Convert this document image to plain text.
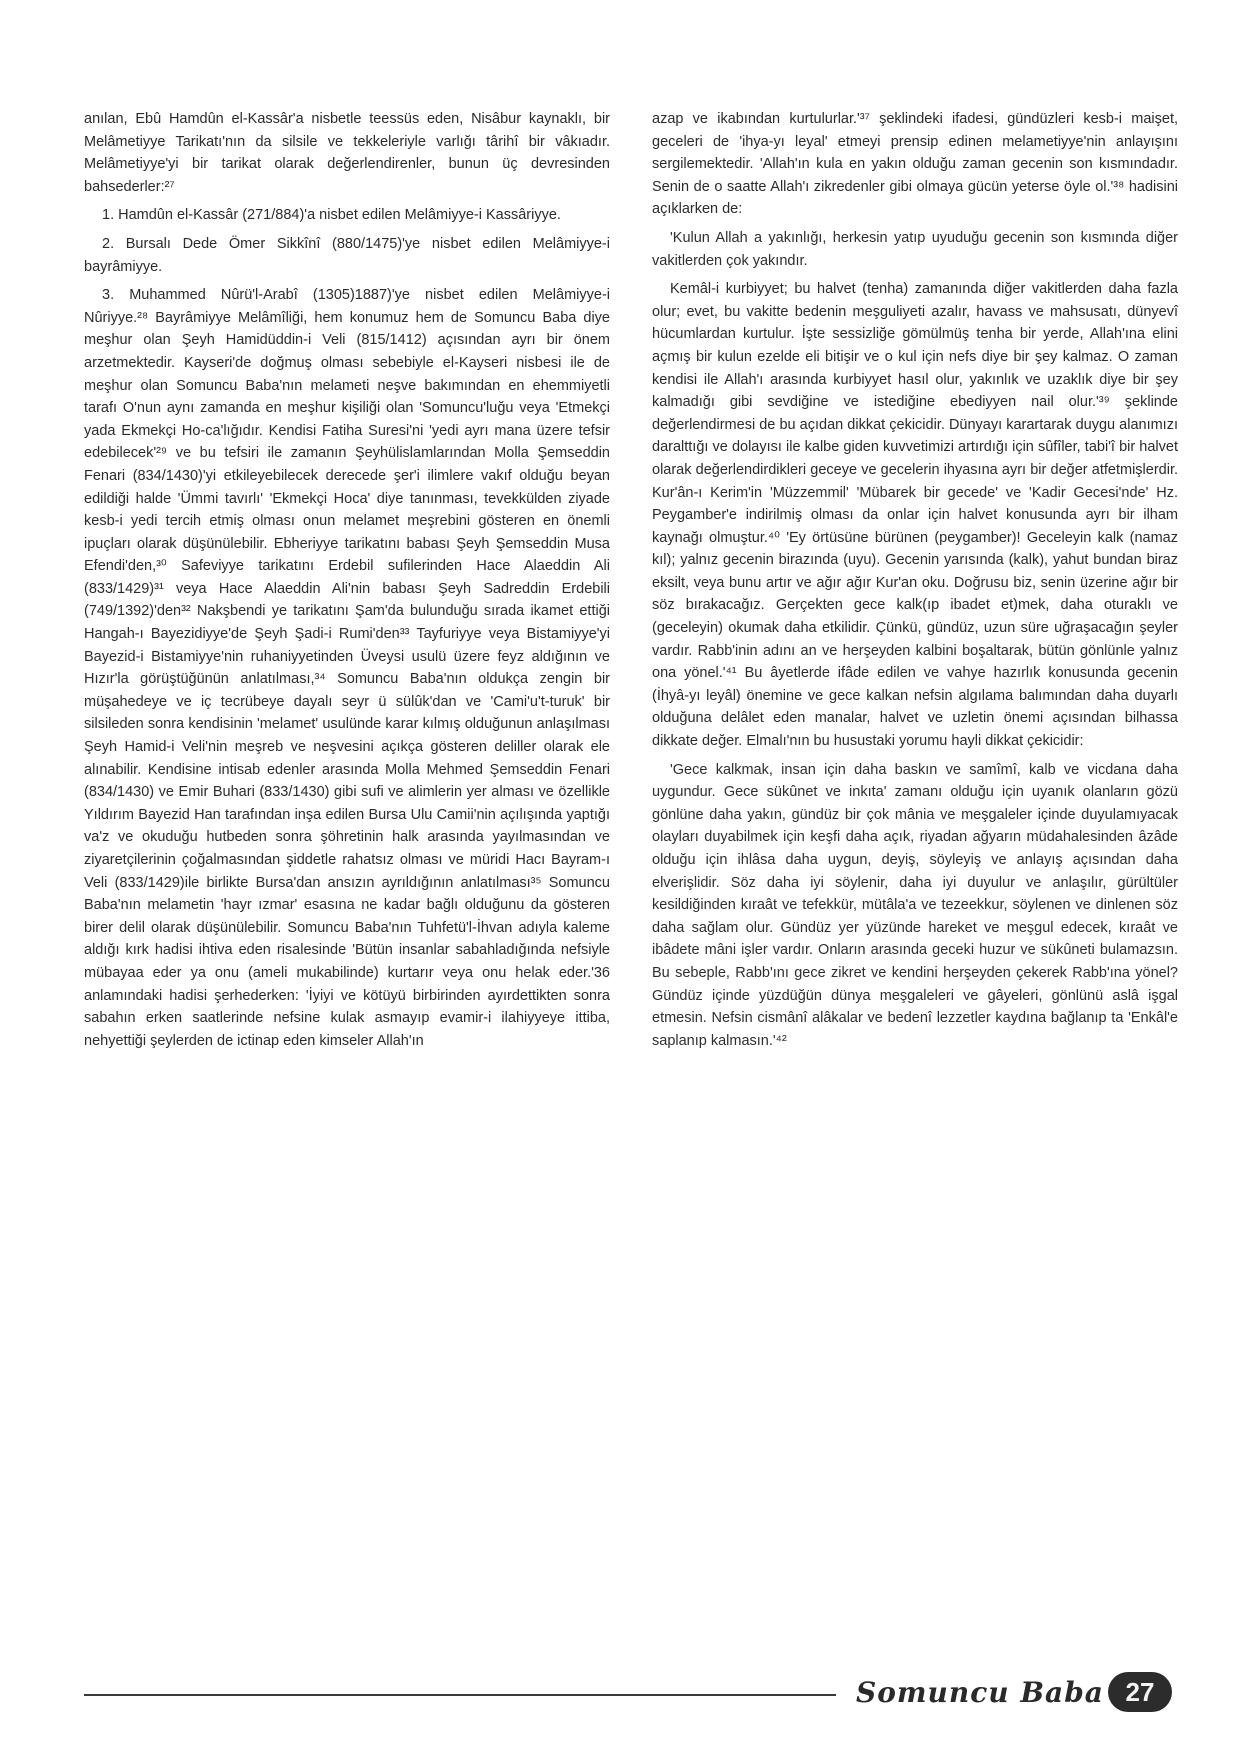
anılan, Ebû Hamdûn el-Kassâr'a nisbetle teessüs eden, Nisâbur kaynaklı, bir Melâmetiyye Tarikatı'nın da silsile ve tekkeleriyle varlığı târihî bir vâkıadır. Melâmetiyye'yi bir tarikat olarak değerlendirenler, bunun üç devresinden bahsederler:²⁷

1. Hamdûn el-Kassâr (271/884)'a nisbet edilen Melâmiyye-i Kassâriyye.

2. Bursalı Dede Ömer Sikkînî (880/1475)'ye nisbet edilen Melâmiyye-i bayrâmiyye.

3. Muhammed Nûrü'l-Arabî (1305)1887)'ye nisbet edilen Melâmiyye-i Nûriyye.²⁸ Bayrâmiyye Melâmîliği, hem konumuz hem de Somuncu Baba diye meşhur olan Şeyh Hamidüddin-i Veli (815/1412) açısından ayrı bir önem arzetmektedir. Kayseri'de doğmuş olması sebebiyle el-Kayseri nisbesi ile de meşhur olan Somuncu Baba'nın melameti neşve bakımından en ehemmiyetli tarafı O'nun aynı zamanda en meşhur kişiliği olan 'Somuncu'luğu veya 'Etmekçi yada Ekmekçi Ho-ca'lığıdır. Kendisi Fatiha Suresi'ni 'yedi ayrı mana üzere tefsir edebilecek'²⁹ ve bu tefsiri ile zamanın Şeyhülislamlarından Molla Şemseddin Fenari (834/1430)'yi etkileyebilecek derecede şer'i ilimlere vakıf olduğu beyan edildiği halde 'Ümmi tavırlı' 'Ekmekçi Hoca' diye tanınması, tevekkülden ziyade kesb-i yedi tercih etmiş olması onun melamet meşrebini gösteren en önemli ipuçları olarak düşünülebilir. Ebheriyye tarikatını babası Şeyh Şemseddin Musa Efendi'den,³⁰ Safeviyye tarikatını Erdebil sufilerinden Hace Alaeddin Ali (833/1429)³¹ veya Hace Alaeddin Ali'nin babası Şeyh Sadreddin Erdebili (749/1392)'den³² Nakşbendi ye tarikatını Şam'da bulunduğu sırada ikamet ettiği Hangah-ı Bayezidiyye'de Şeyh Şadi-i Rumi'den³³ Tayfuriyye veya Bistamiyye'yi Bayezid-i Bistamiyye'nin ruhaniyyetinden Üveysi usulü üzere feyz aldığının ve Hızır'la görüştüğünün anlatılması,³⁴ Somuncu Baba'nın oldukça zengin bir müşahedeye ve iç tecrübeye dayalı seyr ü sülûk'dan ve 'Cami'u't-turuk' bir silsileden sonra kendisinin 'melamet' usulünde karar kılmış olduğunun anlaşılması Şeyh Hamid-i Veli'nin meşreb ve neşvesini açıkça gösteren deliller olarak ele alınabilir. Kendisine intisab edenler arasında Molla Mehmed Şemseddin Fenari (834/1430) ve Emir Buhari (833/1430) gibi sufi ve alimlerin yer alması ve özellikle Yıldırım Bayezid Han tarafından inşa edilen Bursa Ulu Camii'nin açılışında yaptığı va'z ve okuduğu hutbeden sonra şöhretinin halk arasında yayılmasından ve ziyaretçilerinin çoğalmasından şiddetle rahatsız olması ve müridi Hacı Bayram-ı Veli (833/1429)ile birlikte Bursa'dan ansızın ayrıldığının anlatılması³⁵ Somuncu Baba'nın melametin 'hayr ızmar' esasına ne kadar bağlı olduğunu da gösteren birer delil olarak düşünülebilir. Somuncu Baba'nın Tuhfetü'l-İhvan adıyla kaleme aldığı kırk hadisi ihtiva eden risalesinde 'Bütün insanlar sabahladığında nefsiyle mübayaa eder ya onu (ameli mukabilinde) kurtarır veya onu helak eder.'36 anlamındaki hadisi şerhederken: 'İyiyi ve kötüyü birbirinden ayırdettikten sonra sabahın erken saatlerinde nefsine kulak asmayıp evamir-i ilahiyyeye ittiba, nehyettiği şeylerden de ictinap eden kimseler Allah'ın

azap ve ikabından kurtulurlar.'³⁷ şeklindeki ifadesi, gündüzleri kesb-i maişet, geceleri de 'ihya-yı leyal' etmeyi prensip edinen melametiyye'nin anlayışını sergilemektedir. 'Allah'ın kula en yakın olduğu zaman gecenin son kısmındadır. Senin de o saatte Allah'ı zikredenler gibi olmaya gücün yeterse öyle ol.'³⁸ hadisini açıklarken de:

'Kulun Allah a yakınlığı, herkesin yatıp uyuduğu gecenin son kısmında diğer vakitlerden çok yakındır.

Kemâl-i kurbiyyet; bu halvet (tenha) zamanında diğer vakitlerden daha fazla olur; evet, bu vakitte bedenin meşguliyeti azalır, havass ve mahsusatı, dünyevî hücumlardan kurtulur. İşte sessizliğe gömülmüş tenha bir yerde, Allah'ına elini açmış bir kulun ezelde eli bitişir ve o kul için nefs diye bir şey kalmaz. O zaman kendisi ile Allah'ı arasında kurbiyyet hasıl olur, yakınlık ve uzaklık diye bir şey kalmadığı gibi sevdiğine ve istediğine ebediyyen nail olur.'³⁹ şeklinde değerlendirmesi de bu açıdan dikkat çekicidir. Dünyayı karartarak duygu alanımızı daralttığı ve dolayısı ile kalbe giden kuvvetimizi artırdığı için sûfîler, tabi'î bir halvet olarak değerlendirdikleri geceye ve gecelerin ihyasına ayrı bir değer atfetmişlerdir. Kur'ân-ı Kerim'in 'Müzzemmil' 'Mübarek bir gecede' ve 'Kadir Gecesi'nde' Hz. Peygamber'e indirilmiş olması da onlar için halvet konusunda ayrı bir ilham kaynağı olmuştur.⁴⁰ 'Ey örtüsüne bürünen (peygamber)! Geceleyin kalk (namaz kıl); yalnız gecenin birazında (uyu). Gecenin yarısında (kalk), yahut bundan biraz eksilt, veya bunu artır ve ağır ağır Kur'an oku. Doğrusu biz, senin üzerine ağır bir söz bırakacağız. Gerçekten gece kalk(ıp ibadet et)mek, daha oturaklı ve (geceleyin) okumak daha etkilidir. Çünkü, gündüz, uzun süre uğraşacağın şeyler vardır. Rabb'inin adını an ve herşeyden kalbini boşaltarak, bütün gönlünle yalnız ona yönel.'⁴¹ Bu âyetlerde ifâde edilen ve vahye hazırlık konusunda gecenin (İhyâ-yı leyâl) önemine ve gece kalkan nefsin algılama balımından daha duyarlı olduğuna delâlet eden manalar, halvet ve uzletin önemi açısından bilhassa dikkate değer. Elmalı'nın bu husustaki yorumu hayli dikkat çekicidir:

'Gece kalkmak, insan için daha baskın ve samîmî, kalb ve vicdana daha uygundur. Gece sükûnet ve inkıta' zamanı olduğu için uyanık olanların gözü gönlüne daha yakın, gündüz bir çok mânia ve meşgaleler içinde duyulamıyacak olayları duyabilmek için keşfi daha açık, riyadan ağyarın müdahalesinden âzâde olduğu için ihlâsa daha uygun, deyiş, söyleyiş ve anlayış açısından daha elverişlidir. Söz daha iyi söylenir, daha iyi duyulur ve anlaşılır, gürültüler kesildiğinden kıraât ve tefekkür, mütâla'a ve tezeekkur, söylenen ve dinlenen söz daha sağlam olur. Gündüz yer yüzünde hareket ve meşgul edecek, kıraât ve ibâdete mâni işler vardır. Onların arasında geceki huzur ve sükûneti bulamazsın. Bu sebeple, Rabb'ını gece zikret ve kendini herşeyden çekerek Rabb'ına yönel? Gündüz içinde yüzdüğün dünya meşgaleleri ve gâyeleri, gönlünü aslâ işgal etmesin. Nefsin cismânî alâkalar ve bedenî lezzetler kaydına bağlanıp ta 'Enkâl'e saplanıp kalmasın.'⁴²

Somuncu Baba 27
